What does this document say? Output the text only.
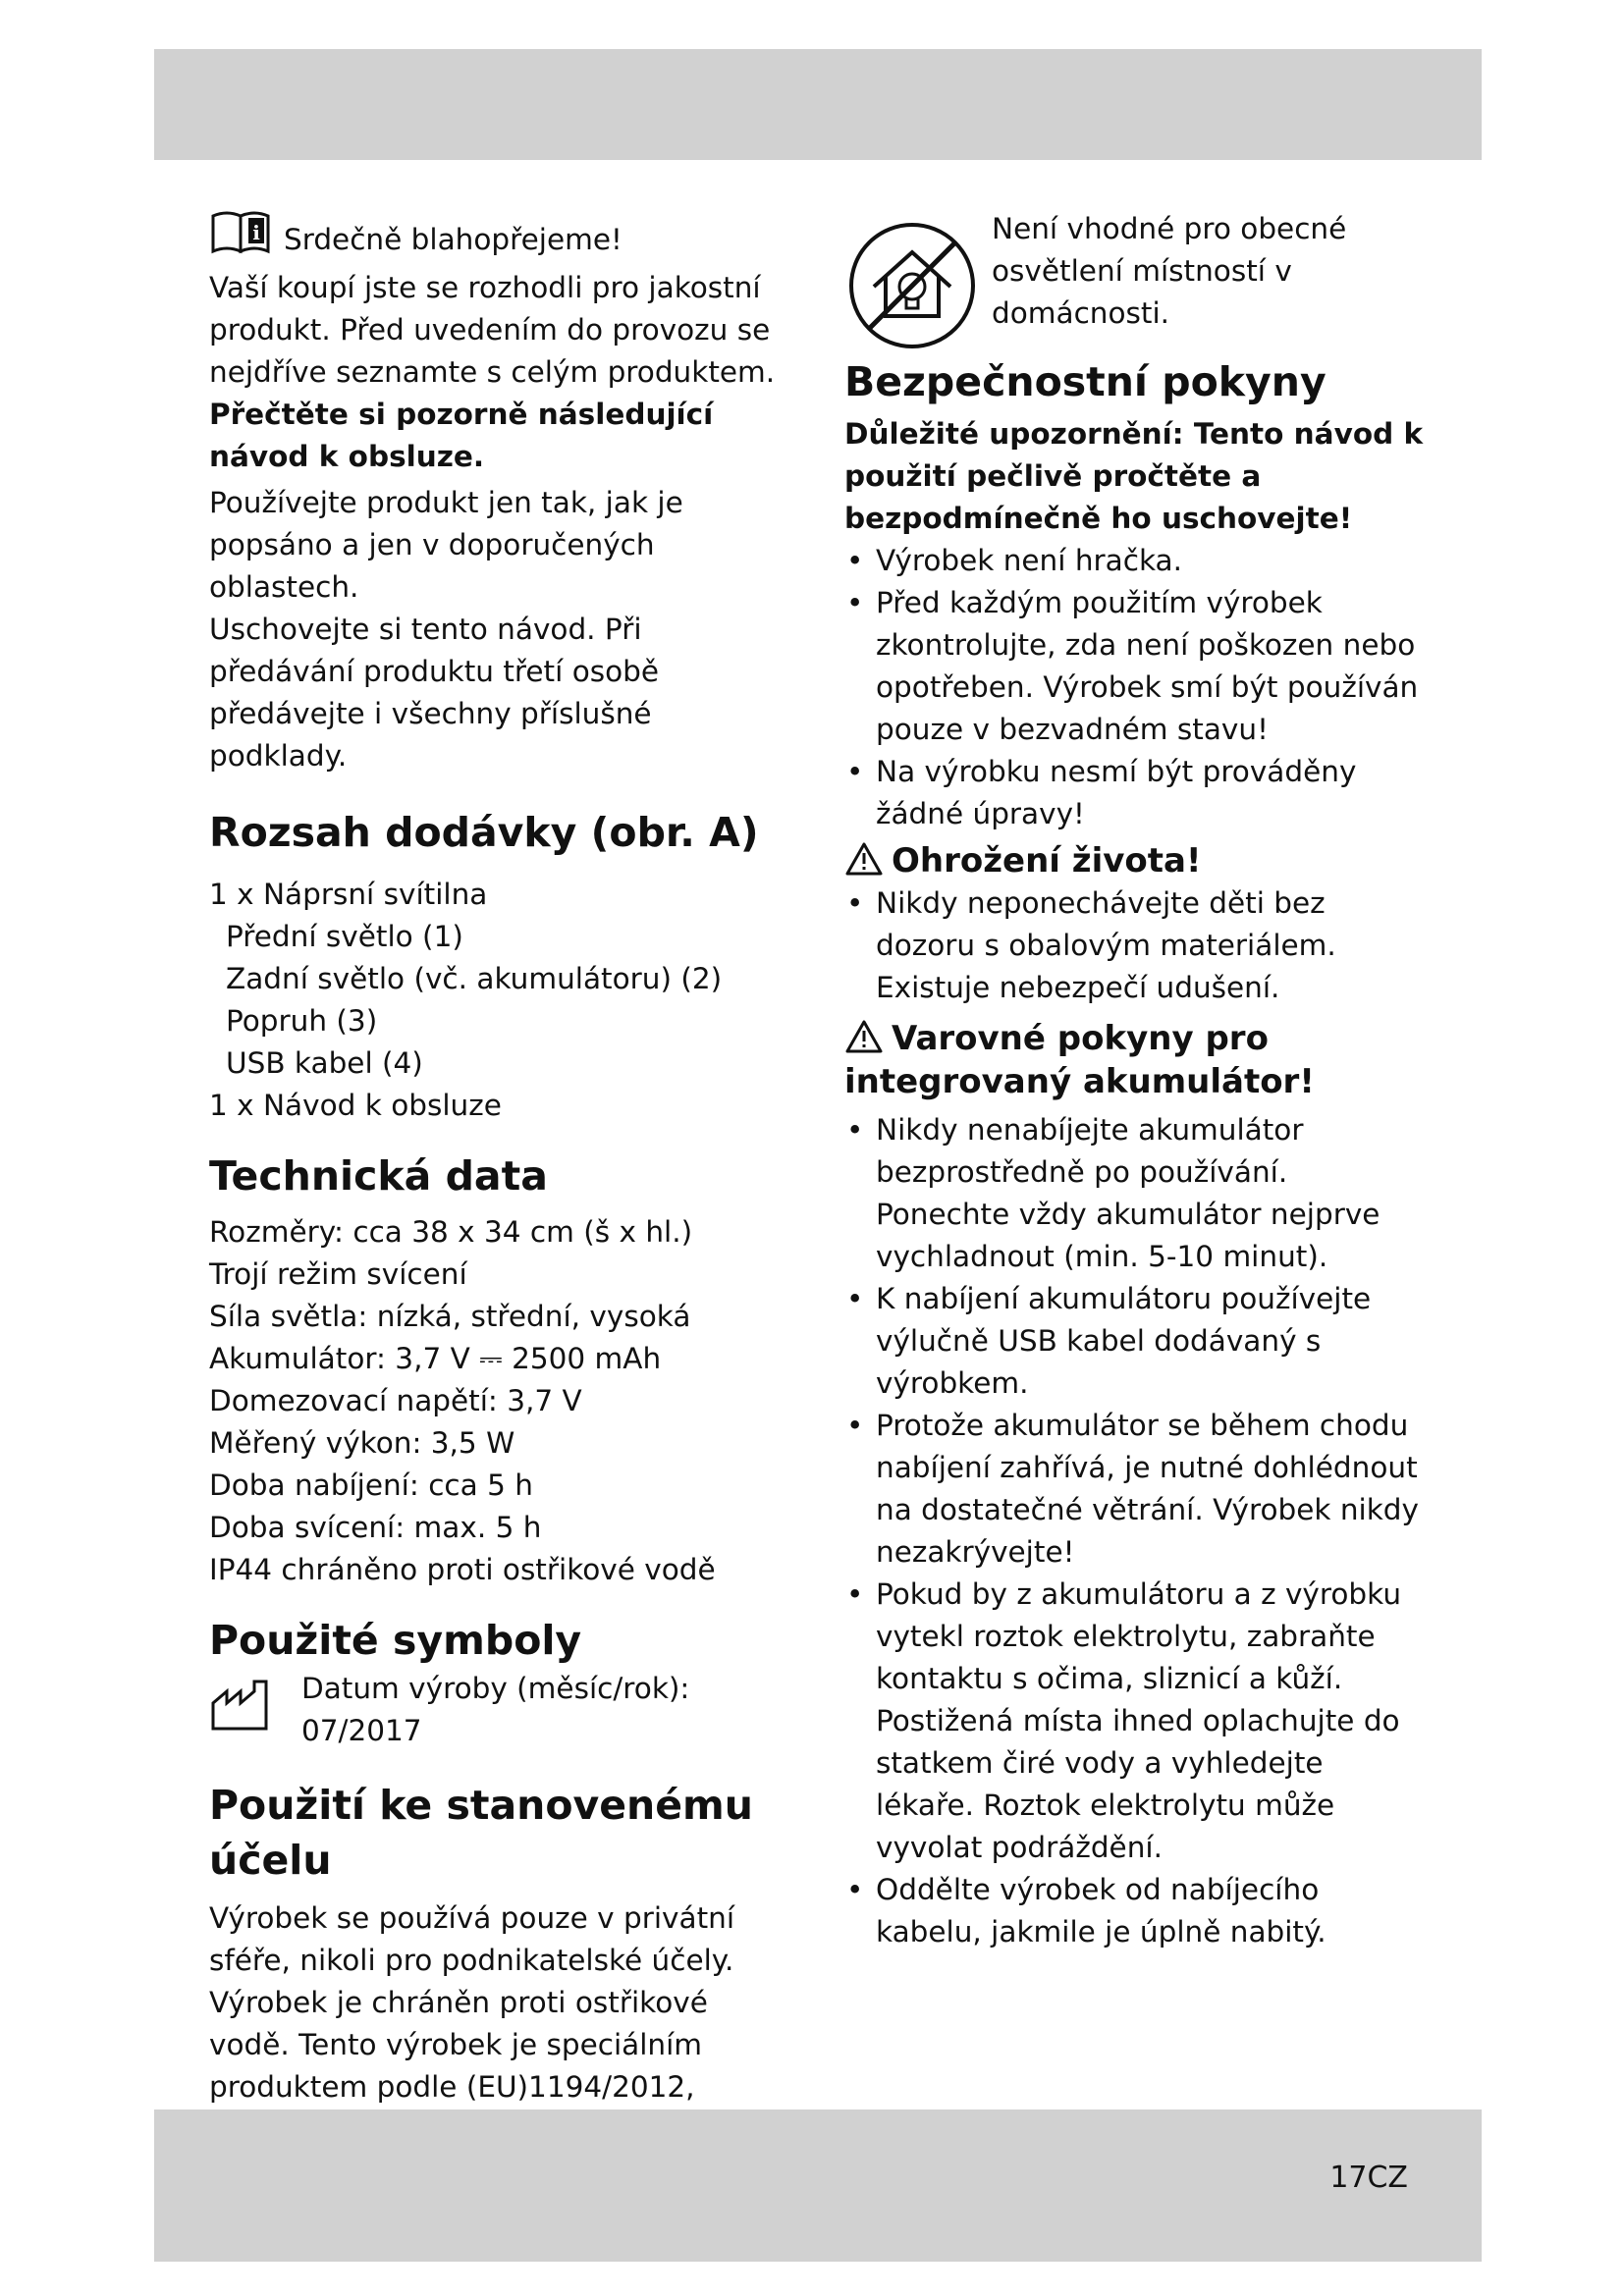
i Srdečně blahopřejeme!

Vaší koupí jste se rozhodli pro jakostní produkt. Před uvedením do provozu se nejdříve seznamte s celým produktem.

Přečtěte si pozorně následující návod k obsluze.

Používejte produkt jen tak, jak je popsáno a jen v doporučených oblastech.

Uschovejte si tento návod. Při předávání produktu třetí osobě předávejte i všechny příslušné podklady.

Rozsah dodávky (obr. A)

1 x Náprsní svítilna

Přední světlo (1)

Zadní světlo (vč. akumulátoru) (2)

Popruh (3)

USB kabel (4)

1 x Návod k obsluze

Technická data

Rozměry: cca 38 x 34 cm (š x hl.)

Trojí režim svícení

Síla světla: nízká, střední, vysoká

Akumulátor: 3,7 V ⎓ 2500 mAh

Domezovací napětí: 3,7 V

Měřený výkon: 3,5 W

Doba nabíjení: cca 5 h

Doba svícení: max. 5 h

IP44 chráněno proti ostřikové vodě

Použité symboly

Datum výroby (měsíc/rok): 07/2017

Použití ke stanovenému účelu

Výrobek se používá pouze v privátní sféře, nikoli pro podnikatelské účely. Výrobek je chráněn proti ostřikové vodě. Tento výrobek je speciálním produktem podle (EU)1194/2012,

Není vhodné pro obecné osvětlení místností v domácnosti.

Bezpečnostní pokyny

Důležité upozornění: Tento návod k použití pečlivě pročtěte a bezpodmínečně ho uschovejte!

• Výrobek není hračka.
• Před každým použitím výrobek zkontrolujte, zda není poškozen nebo opotřeben. Výrobek smí být používán pouze v bezvadném stavu!
• Na výrobku nesmí být prováděny žádné úpravy!

Ohrožení života!

• Nikdy neponechávejte děti bez dozoru s obalovým materiálem. Existuje nebezpečí udušení.

Varovné pokyny pro integrovaný akumulátor!

• Nikdy nenabíjejte akumulátor bezprostředně po používání. Ponechte vždy akumulátor nejprve vychladnout (min. 5-10 minut).
• K nabíjení akumulátoru používejte výlučně USB kabel dodávaný s výrobkem.
• Protože akumulátor se během chodu nabíjení zahřívá, je nutné dohlédnout na dostatečné větrání. Výrobek nikdy nezakrývejte!
• Pokud by z akumulátoru a z výrobku vytekl roztok elektrolytu, zabraňte kontaktu s očima, sliznicí a kůží. Postižená místa ihned oplachujte do statkem čiré vody a vyhledejte lékaře. Roztok elektrolytu může vyvolat podráždění.
• Oddělte výrobek od nabíjecího kabelu, jakmile je úplně nabitý.
17CZ
